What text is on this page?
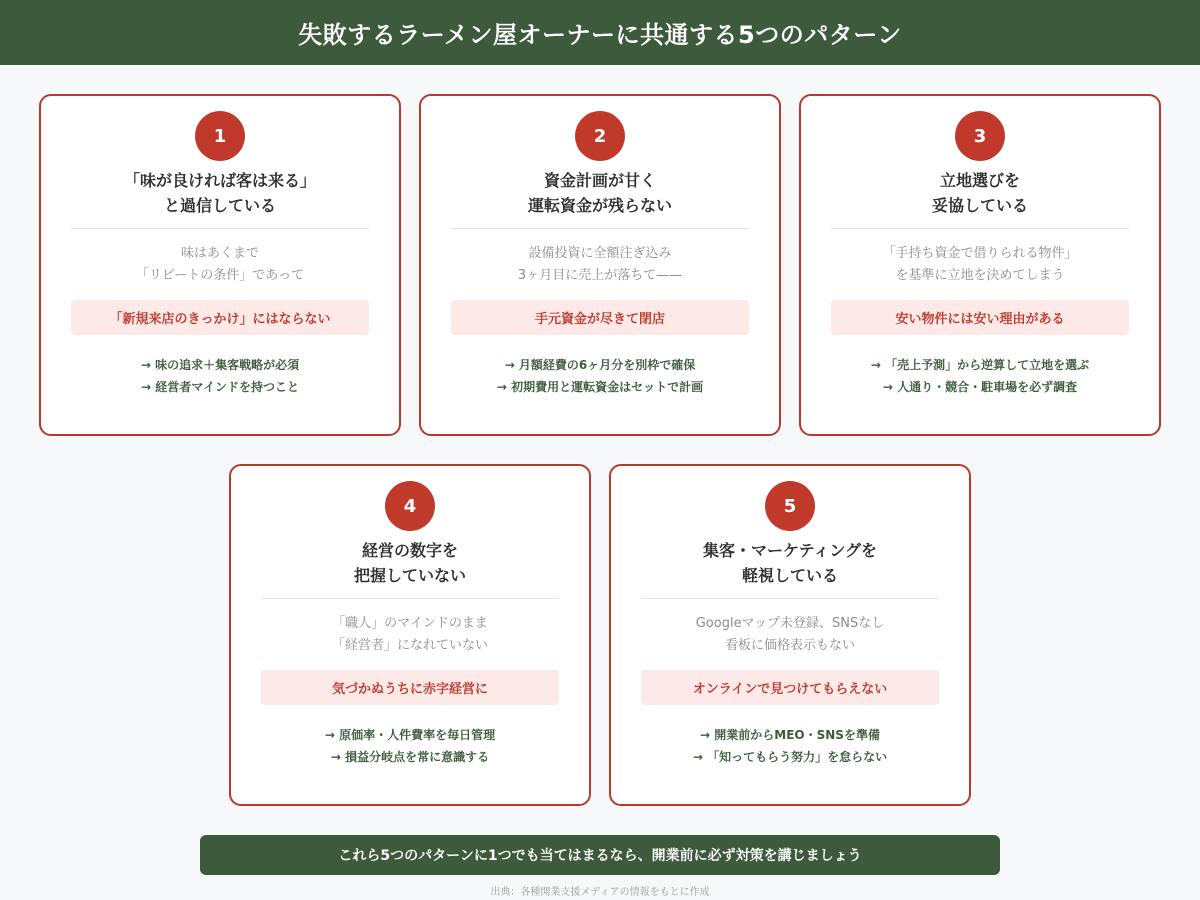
失敗するラーメン屋オーナーに共通する5つのパターン
1
「味が良ければ客は来る」
と過信している
味はあくまで
「リピートの条件」であって
「新規来店のきっかけ」にはならない
→ 味の追求＋集客戦略が必須
→ 経営者マインドを持つこと
2
資金計画が甘く
運転資金が残らない
設備投資に全額注ぎ込み
3ヶ月目に売上が落ちて——
手元資金が尽きて閉店
→ 月額経費の6ヶ月分を別枠で確保
→ 初期費用と運転資金はセットで計画
3
立地選びを
妥協している
「手持ち資金で借りられる物件」
を基準に立地を決めてしまう
安い物件には安い理由がある
→ 「売上予測」から逆算して立地を選ぶ
→ 人通り・競合・駐車場を必ず調査
4
経営の数字を
把握していない
「職人」のマインドのまま
「経営者」になれていない
気づかぬうちに赤字経営に
→ 原価率・人件費率を毎日管理
→ 損益分岐点を常に意識する
5
集客・マーケティングを
軽視している
Googleマップ未登録、SNSなし
看板に価格表示もない
オンラインで見つけてもらえない
→ 開業前からMEO・SNSを準備
→ 「知ってもらう努力」を怠らない
これら5つのパターンに1つでも当てはまるなら、開業前に必ず対策を講じましょう
出典：各種開業支援メディアの情報をもとに作成
